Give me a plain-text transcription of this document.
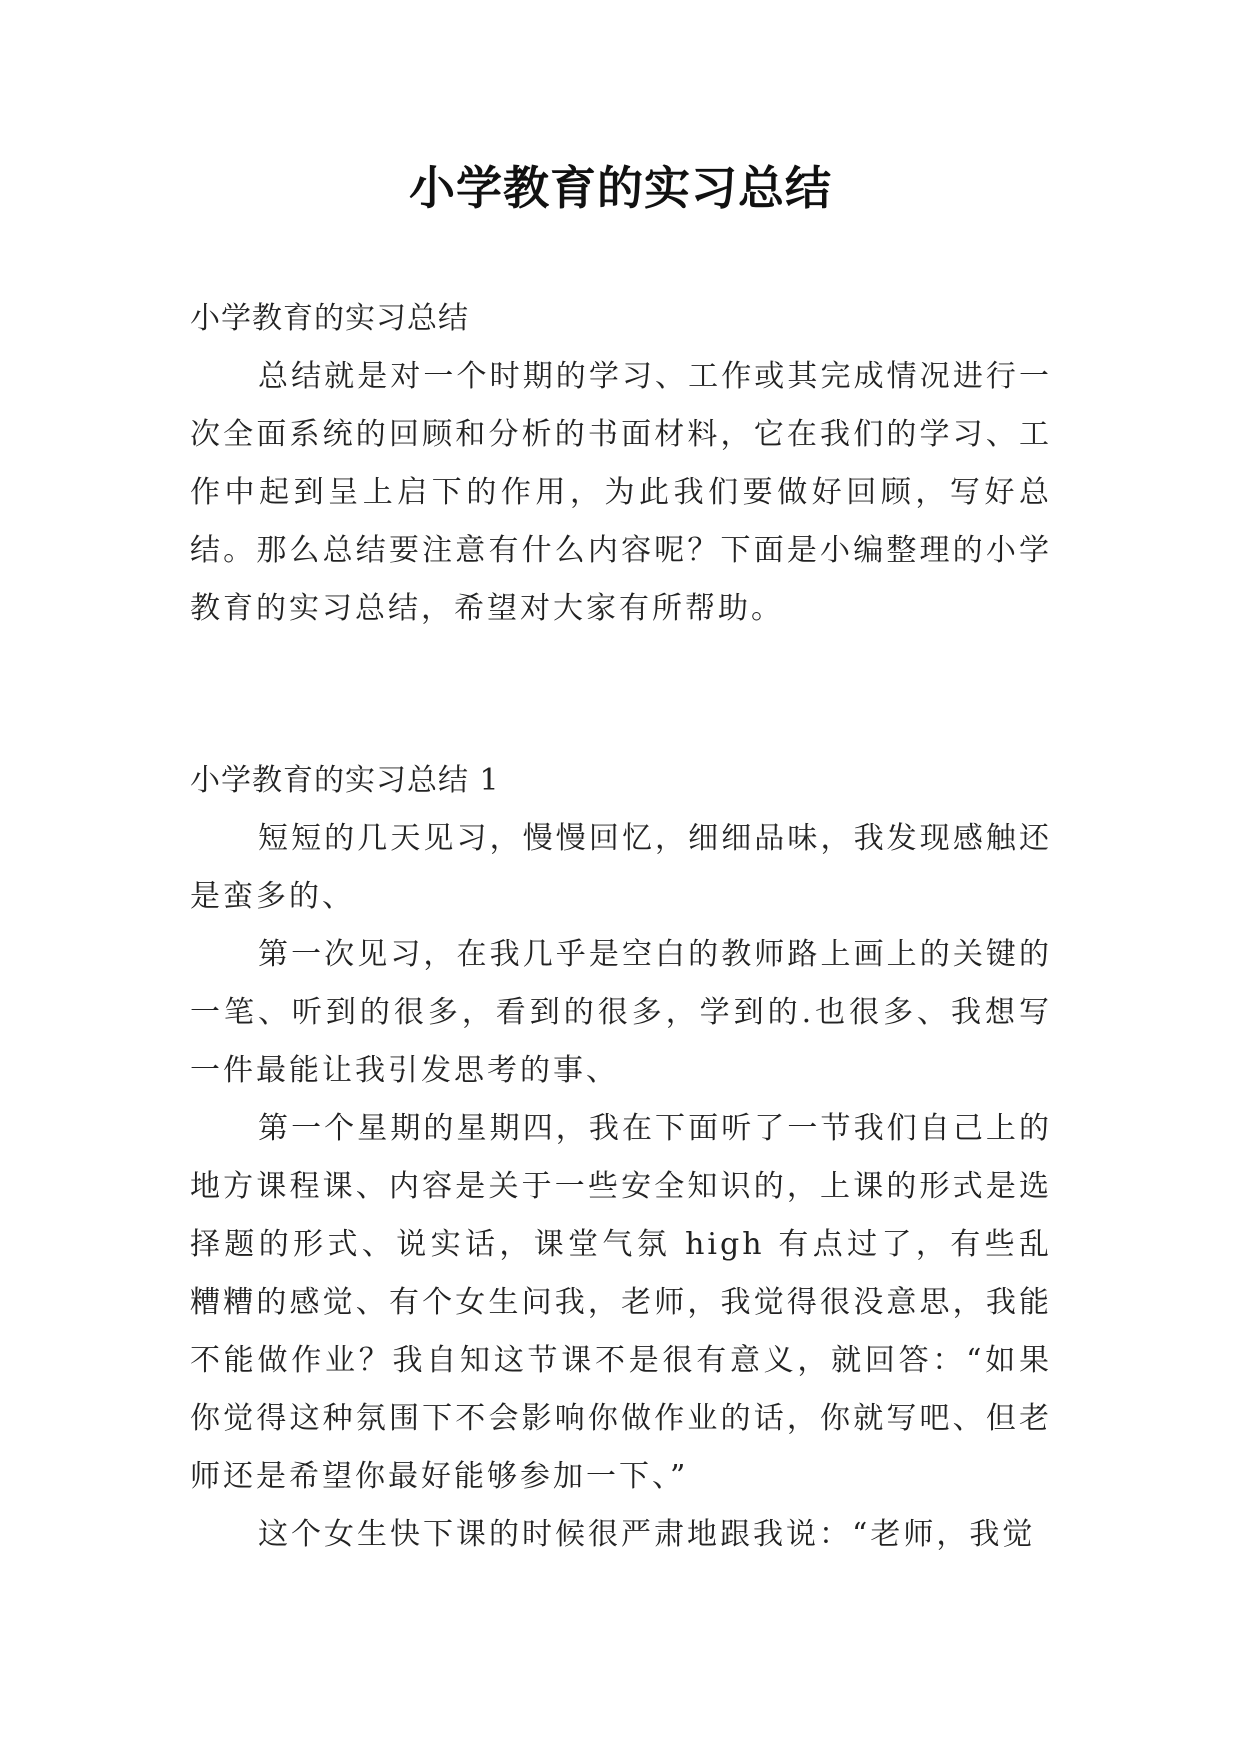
小学教育的实习总结

小学教育的实习总结

总结就是对一个时期的学习、工作或其完成情况进行一次全面系统的回顾和分析的书面材料，它在我们的学习、工作中起到呈上启下的作用，为此我们要做好回顾，写好总结。那么总结要注意有什么内容呢？下面是小编整理的小学教育的实习总结，希望对大家有所帮助。

小学教育的实习总结 1

短短的几天见习，慢慢回忆，细细品味，我发现感触还是蛮多的、

第一次见习，在我几乎是空白的教师路上画上的关键的一笔、听到的很多，看到的很多，学到的.也很多、我想写一件最能让我引发思考的事、

第一个星期的星期四，我在下面听了一节我们自己上的地方课程课、内容是关于一些安全知识的，上课的形式是选择题的形式、说实话，课堂气氛 high 有点过了，有些乱糟糟的感觉、有个女生问我，老师，我觉得很没意思，我能不能做作业？我自知这节课不是很有意义，就回答：“如果你觉得这种氛围下不会影响你做作业的话，你就写吧、但老师还是希望你最好能够参加一下、”

这个女生快下课的时候很严肃地跟我说：“老师，我觉
